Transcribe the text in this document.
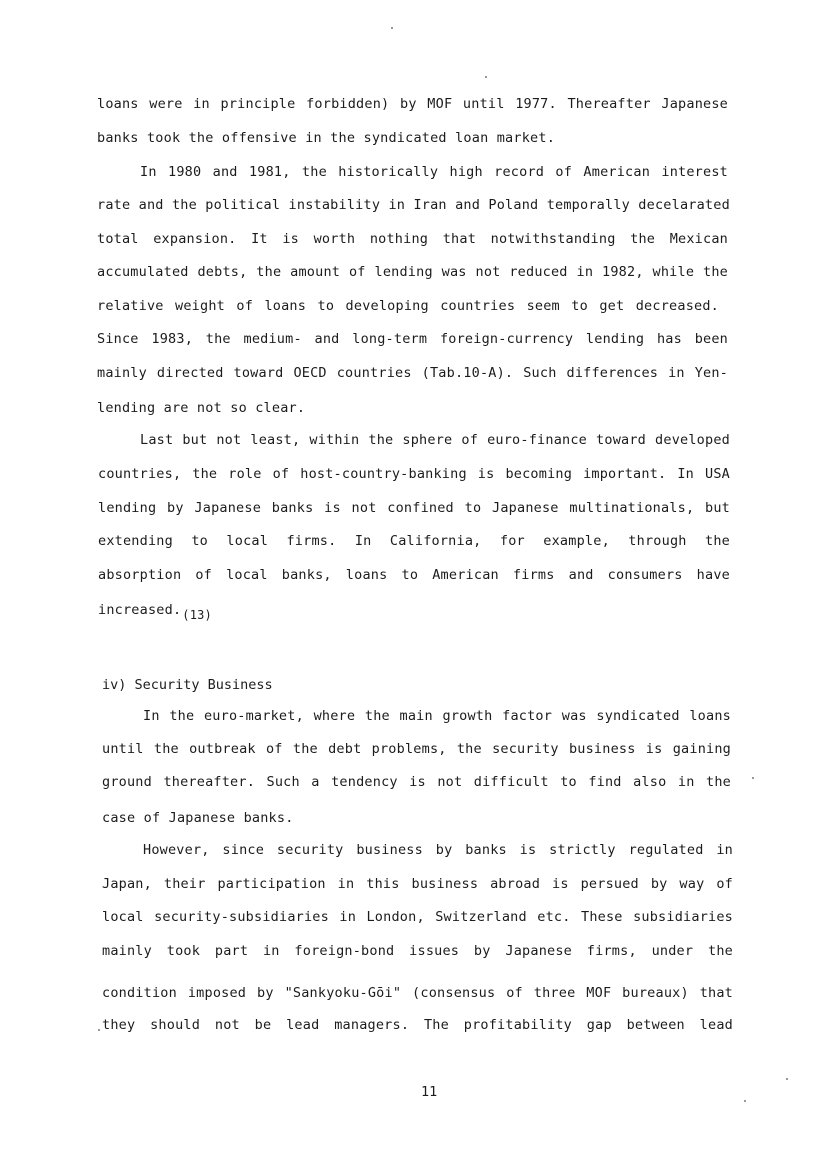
loans were in principle forbidden) by MOF until 1977. Thereafter Japanese
banks took the offensive in the syndicated loan market.
In 1980 and 1981, the historically high record of American interest
rate and the political instability in Iran and Poland temporally decelarated
total expansion. It is worth nothing that notwithstanding the Mexican
accumulated debts, the amount of lending was not reduced in 1982, while the
relative weight of loans to developing countries seem to get decreased.
Since 1983, the medium- and long-term foreign-currency lending has been
mainly directed toward OECD countries (Tab.10-A). Such differences in Yen-
lending are not so clear.
Last but not least, within the sphere of euro-finance toward developed
countries, the role of host-country-banking is becoming important. In USA
lending by Japanese banks is not confined to Japanese multinationals, but
extending to local firms. In California, for example, through the
absorption of local banks, loans to American firms and consumers have
increased.(13)
iv) Security Business
In the euro-market, where the main growth factor was syndicated loans
until the outbreak of the debt problems, the security business is gaining
ground thereafter. Such a tendency is not difficult to find also in the
case of Japanese banks.
However, since security business by banks is strictly regulated in
Japan, their participation in this business abroad is persued by way of
local security-subsidiaries in London, Switzerland etc. These subsidiaries
mainly took part in foreign-bond issues by Japanese firms, under the
condition imposed by "Sankyoku-Gōi" (consensus of three MOF bureaux) that
they should not be lead managers. The profitability gap between lead
11
